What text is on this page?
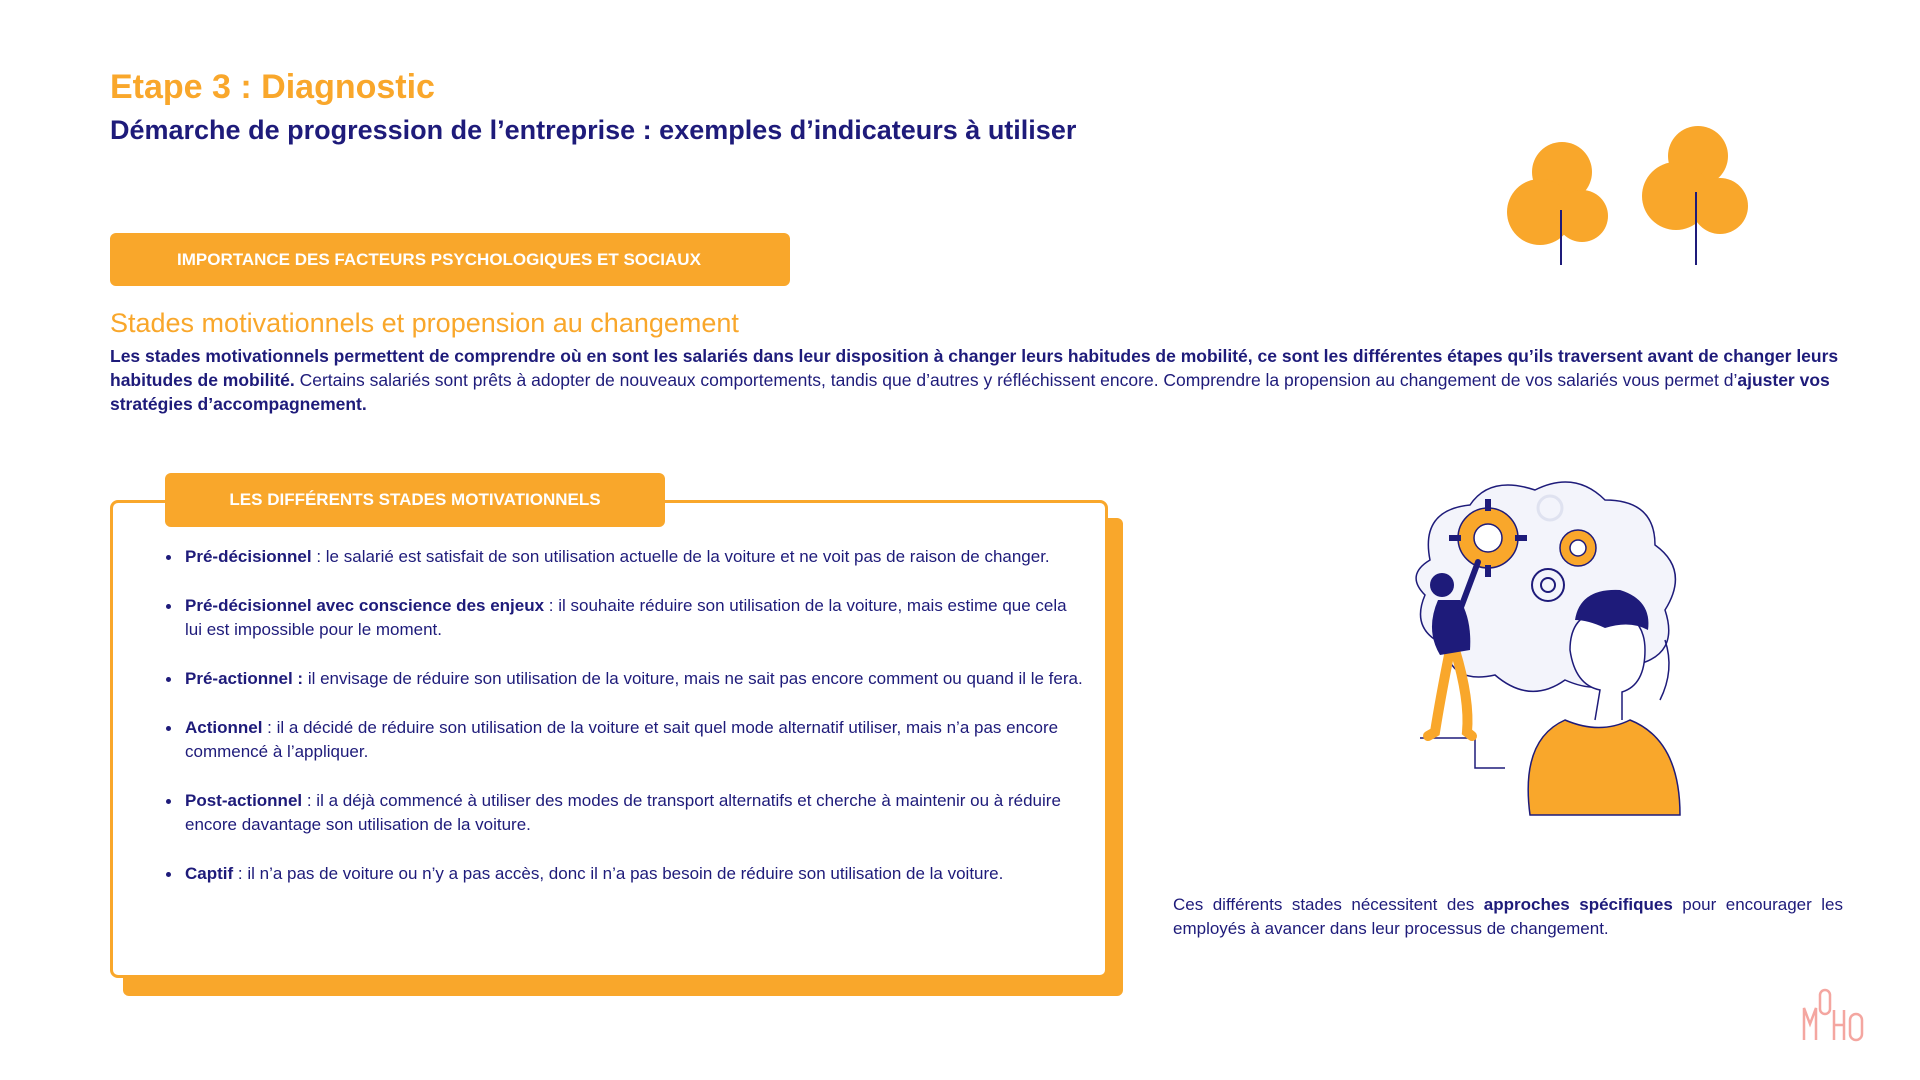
Etape 3 : Diagnostic
Démarche de progression de l’entreprise : exemples d’indicateurs à utiliser
IMPORTANCE DES FACTEURS PSYCHOLOGIQUES ET SOCIAUX
Stades motivationnels et propension au changement

Les stades motivationnels permettent de comprendre où en sont les salariés dans leur disposition à changer leurs habitudes de mobilité, ce sont les différentes étapes qu’ils traversent avant de changer leurs habitudes de mobilité. Certains salariés sont prêts à adopter de nouveaux comportements, tandis que d’autres y réfléchissent encore. Comprendre la propension au changement de vos salariés vous permet d’ajuster vos stratégies d’accompagnement.

LES DIFFÉRENTS STADES MOTIVATIONNELS
Pré-décisionnel : le salarié est satisfait de son utilisation actuelle de la voiture et ne voit pas de raison de changer.
Pré-décisionnel avec conscience des enjeux : il souhaite réduire son utilisation de la voiture, mais estime que cela lui est impossible pour le moment.
Pré-actionnel : il envisage de réduire son utilisation de la voiture, mais ne sait pas encore comment ou quand il le fera.
Actionnel : il a décidé de réduire son utilisation de la voiture et sait quel mode alternatif utiliser, mais n’a pas encore commencé à l’appliquer.
Post-actionnel : il a déjà commencé à utiliser des modes de transport alternatifs et cherche à maintenir ou à réduire encore davantage son utilisation de la voiture.
Captif : il n’a pas de voiture ou n’y a pas accès, donc il n’a pas besoin de réduire son utilisation de la voiture.

Ces différents stades nécessitent des approches spécifiques pour encourager les employés à avancer dans leur processus de changement.
